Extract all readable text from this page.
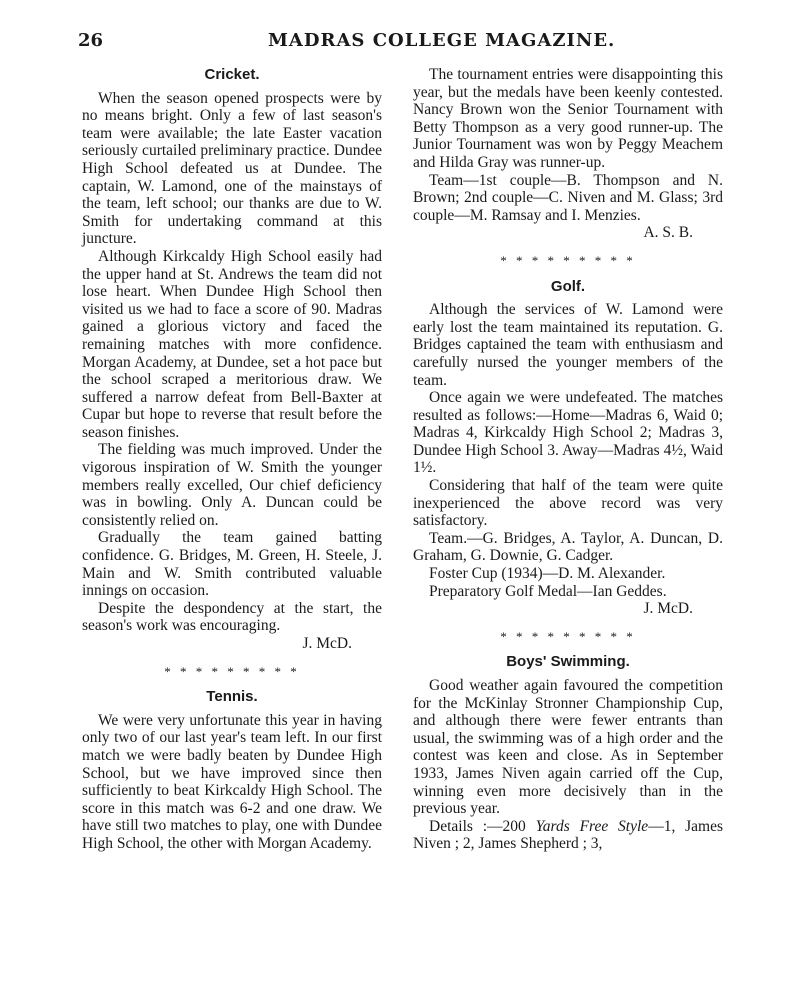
26	MADRAS COLLEGE MAGAZINE.
Cricket.

When the season opened prospects were by no means bright. Only a few of last season's team were available; the late Easter vacation seriously curtailed preliminary practice. Dundee High School defeated us at Dundee. The captain, W. Lamond, one of the mainstays of the team, left school; our thanks are due to W. Smith for undertaking command at this juncture.

Although Kirkcaldy High School easily had the upper hand at St. Andrews the team did not lose heart. When Dundee High School then visited us we had to face a score of 90. Madras gained a glorious victory and faced the remaining matches with more confidence. Morgan Academy, at Dundee, set a hot pace but the school scraped a meritorious draw. We suffered a narrow defeat from Bell-Baxter at Cupar but hope to reverse that result before the season finishes.

The fielding was much improved. Under the vigorous inspiration of W. Smith the younger members really excelled, Our chief deficiency was in bowling. Only A. Duncan could be consistently relied on.

Gradually the team gained batting confidence. G. Bridges, M. Green, H. Steele, J. Main and W. Smith contributed valuable innings on occasion.

Despite the despondency at the start, the season's work was encouraging.

J. McD.

* * * * * * * * *
Tennis.

We were very unfortunate this year in having only two of our last year's team left. In our first match we were badly beaten by Dundee High School, but we have improved since then sufficiently to beat Kirkcaldy High School. The score in this match was 6-2 and one draw. We have still two matches to play, one with Dundee High School, the other with Morgan Academy.

The tournament entries were disappointing this year, but the medals have been keenly contested. Nancy Brown won the Senior Tournament with Betty Thompson as a very good runner-up. The Junior Tournament was won by Peggy Meachem and Hilda Gray was runner-up.

Team—1st couple—B. Thompson and N. Brown; 2nd couple—C. Niven and M. Glass; 3rd couple—M. Ramsay and I. Menzies.

A. S. B.

* * * * * * * * *
Golf.

Although the services of W. Lamond were early lost the team maintained its reputation. G. Bridges captained the team with enthusiasm and carefully nursed the younger members of the team.

Once again we were undefeated. The matches resulted as follows:—Home—Madras 6, Waid 0; Madras 4, Kirkcaldy High School 2; Madras 3, Dundee High School 3. Away—Madras 4½, Waid 1½.

Considering that half of the team were quite inexperienced the above record was very satisfactory.

Team.—G. Bridges, A. Taylor, A. Duncan, D. Graham, G. Downie, G. Cadger.

Foster Cup (1934)—D. M. Alexander.

Preparatory Golf Medal—Ian Geddes.

J. McD.

* * * * * * * * *
Boys' Swimming.

Good weather again favoured the competition for the McKinlay Stronner Championship Cup, and although there were fewer entrants than usual, the swimming was of a high order and the contest was keen and close. As in September 1933, James Niven again carried off the Cup, winning even more decisively than in the previous year.

Details :—200 Yards Free Style—1, James Niven ; 2, James Shepherd ; 3,
